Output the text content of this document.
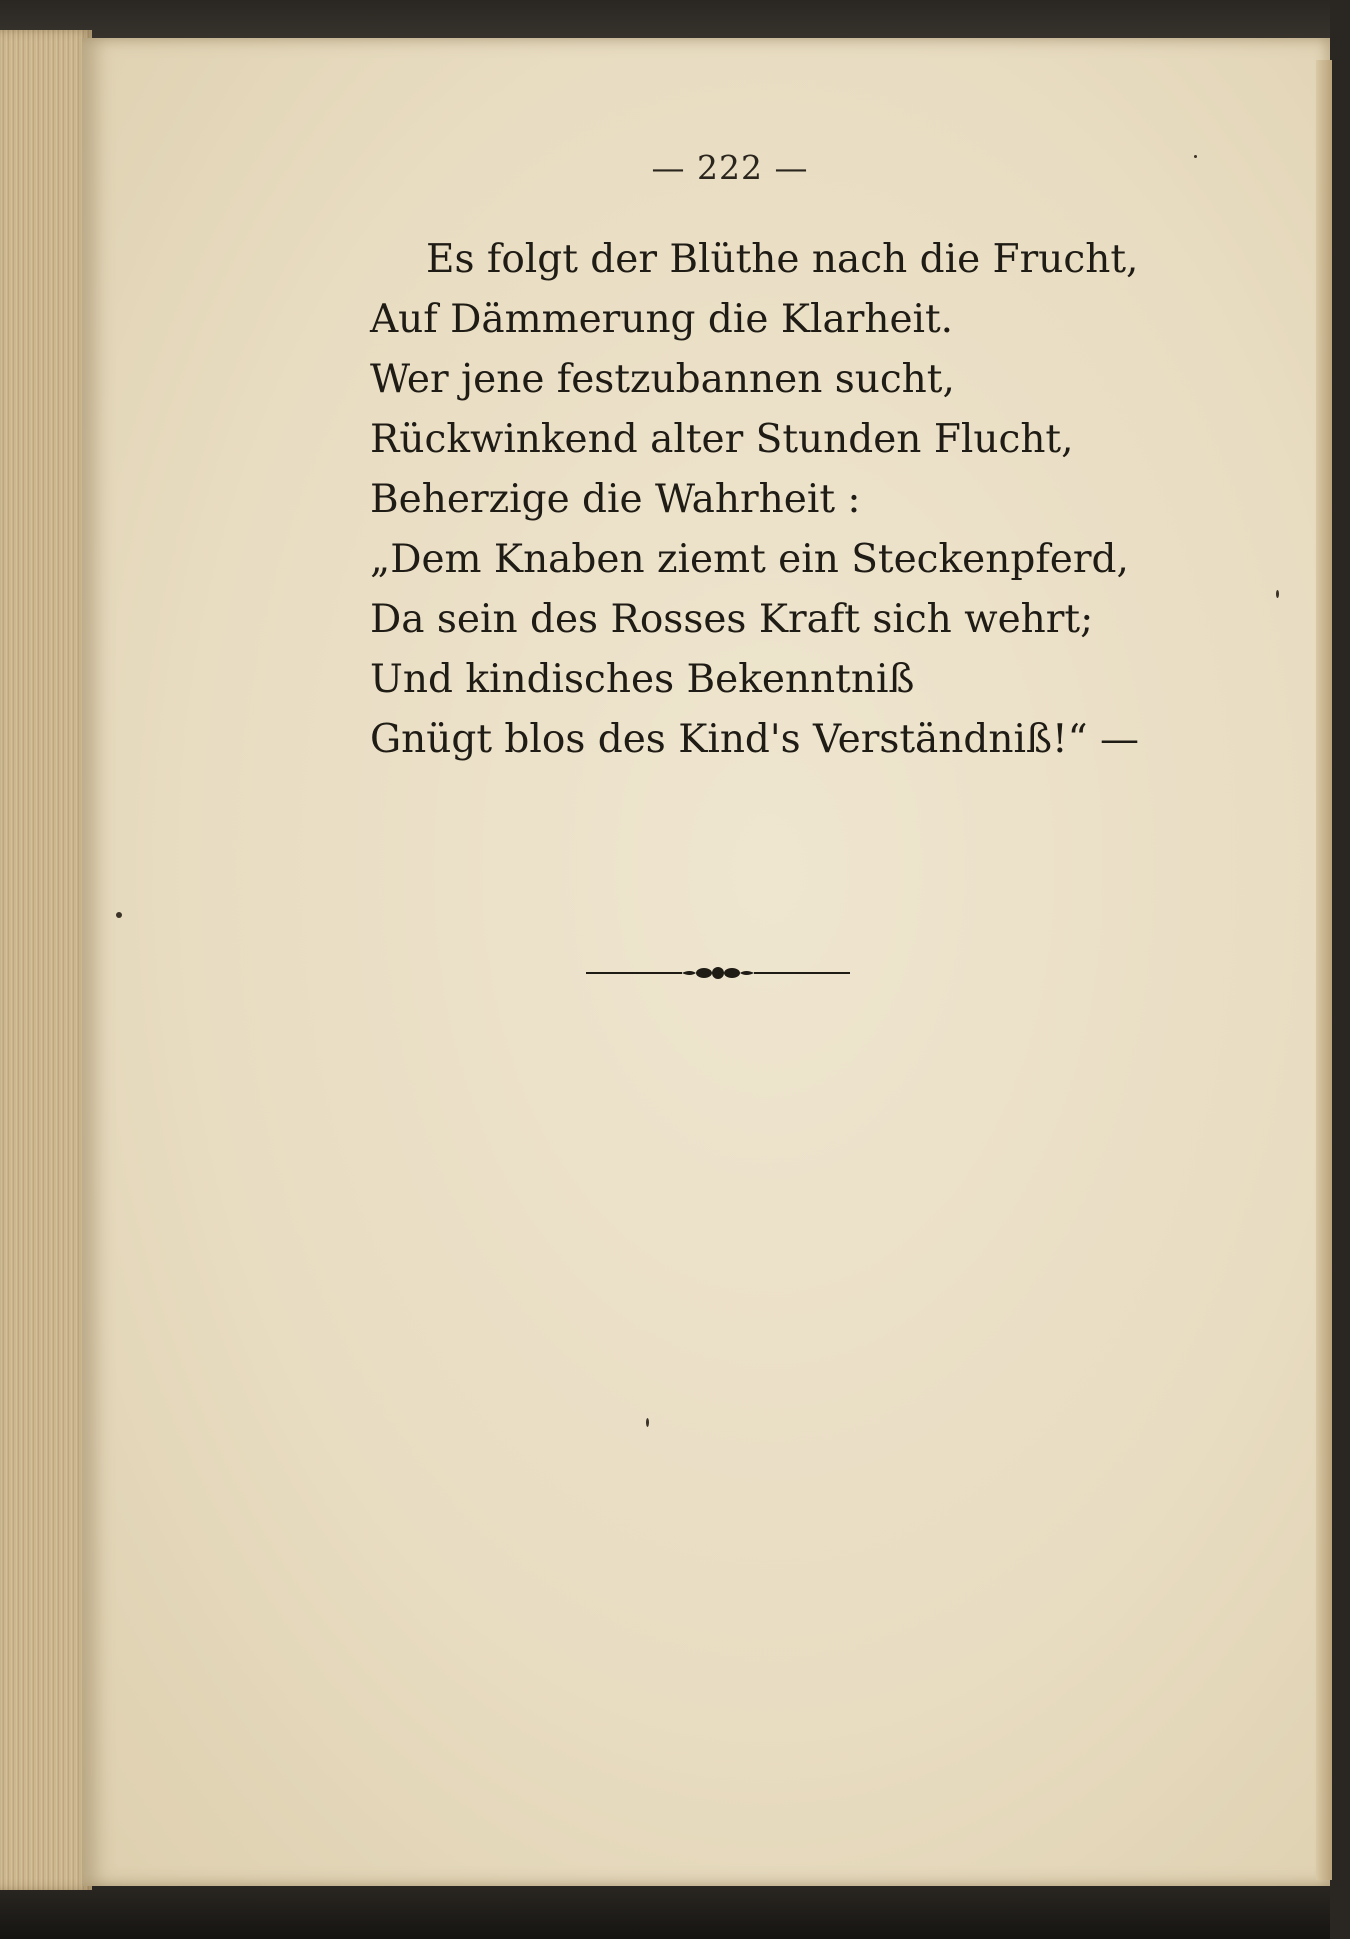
— 222 —
Es folgt der Blüthe nach die Frucht,
Auf Dämmerung die Klarheit.
Wer jene festzubannen sucht,
Rückwinkend alter Stunden Flucht,
Beherzige die Wahrheit :
„Dem Knaben ziemt ein Steckenpferd,
Da sein des Rosses Kraft sich wehrt;
Und kindisches Bekenntniß
Gnügt blos des Kind's Verständniß!“ —
